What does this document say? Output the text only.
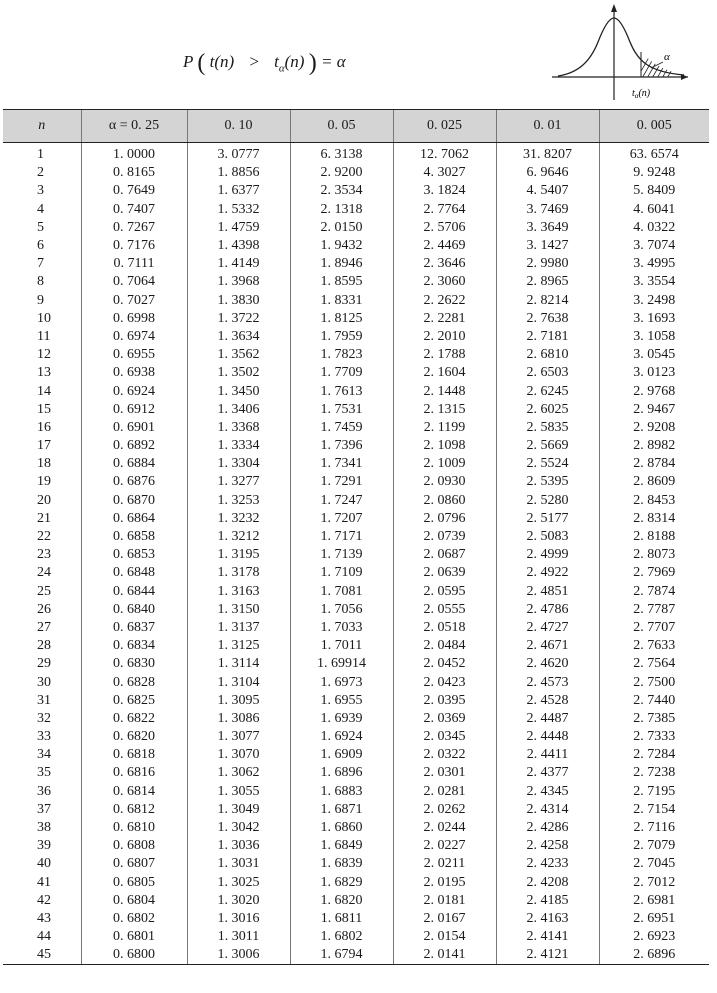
P ( $t(n) > t_\alpha(n)$ ) = α	α
$t_\alpha(n)$
n	α = 0. 25	0. 10	0. 05	0. 025	0. 01	0. 005
1	1. 0000	3. 0777	6. 3138	12. 7062	31. 8207	63. 6574
2	0. 8165	1. 8856	2. 9200	4. 3027	6. 9646	9. 9248
3	0. 7649	1. 6377	2. 3534	3. 1824	4. 5407	5. 8409
4	0. 7407	1. 5332	2. 1318	2. 7764	3. 7469	4. 6041
5	0. 7267	1. 4759	2. 0150	2. 5706	3. 3649	4. 0322
6	0. 7176	1. 4398	1. 9432	2. 4469	3. 1427	3. 7074
7	0. 7111	1. 4149	1. 8946	2. 3646	2. 9980	3. 4995
8	0. 7064	1. 3968	1. 8595	2. 3060	2. 8965	3. 3554
9	0. 7027	1. 3830	1. 8331	2. 2622	2. 8214	3. 2498
10	0. 6998	1. 3722	1. 8125	2. 2281	2. 7638	3. 1693
11	0. 6974	1. 3634	1. 7959	2. 2010	2. 7181	3. 1058
12	0. 6955	1. 3562	1. 7823	2. 1788	2. 6810	3. 0545
13	0. 6938	1. 3502	1. 7709	2. 1604	2. 6503	3. 0123
14	0. 6924	1. 3450	1. 7613	2. 1448	2. 6245	2. 9768
15	0. 6912	1. 3406	1. 7531	2. 1315	2. 6025	2. 9467
16	0. 6901	1. 3368	1. 7459	2. 1199	2. 5835	2. 9208
17	0. 6892	1. 3334	1. 7396	2. 1098	2. 5669	2. 8982
18	0. 6884	1. 3304	1. 7341	2. 1009	2. 5524	2. 8784
19	0. 6876	1. 3277	1. 7291	2. 0930	2. 5395	2. 8609
20	0. 6870	1. 3253	1. 7247	2. 0860	2. 5280	2. 8453
21	0. 6864	1. 3232	1. 7207	2. 0796	2. 5177	2. 8314
22	0. 6858	1. 3212	1. 7171	2. 0739	2. 5083	2. 8188
23	0. 6853	1. 3195	1. 7139	2. 0687	2. 4999	2. 8073
24	0. 6848	1. 3178	1. 7109	2. 0639	2. 4922	2. 7969
25	0. 6844	1. 3163	1. 7081	2. 0595	2. 4851	2. 7874
26	0. 6840	1. 3150	1. 7056	2. 0555	2. 4786	2. 7787
27	0. 6837	1. 3137	1. 7033	2. 0518	2. 4727	2. 7707
28	0. 6834	1. 3125	1. 7011	2. 0484	2. 4671	2. 7633
29	0. 6830	1. 3114	1. 69914	2. 0452	2. 4620	2. 7564
30	0. 6828	1. 3104	1. 6973	2. 0423	2. 4573	2. 7500
31	0. 6825	1. 3095	1. 6955	2. 0395	2. 4528	2. 7440
32	0. 6822	1. 3086	1. 6939	2. 0369	2. 4487	2. 7385
33	0. 6820	1. 3077	1. 6924	2. 0345	2. 4448	2. 7333
34	0. 6818	1. 3070	1. 6909	2. 0322	2. 4411	2. 7284
35	0. 6816	1. 3062	1. 6896	2. 0301	2. 4377	2. 7238
36	0. 6814	1. 3055	1. 6883	2. 0281	2. 4345	2. 7195
37	0. 6812	1. 3049	1. 6871	2. 0262	2. 4314	2. 7154
38	0. 6810	1. 3042	1. 6860	2. 0244	2. 4286	2. 7116
39	0. 6808	1. 3036	1. 6849	2. 0227	2. 4258	2. 7079
40	0. 6807	1. 3031	1. 6839	2. 0211	2. 4233	2. 7045
41	0. 6805	1. 3025	1. 6829	2. 0195	2. 4208	2. 7012
42	0. 6804	1. 3020	1. 6820	2. 0181	2. 4185	2. 6981
43	0. 6802	1. 3016	1. 6811	2. 0167	2. 4163	2. 6951
44	0. 6801	1. 3011	1. 6802	2. 0154	2. 4141	2. 6923
45	0. 6800	1. 3006	1. 6794	2. 0141	2. 4121	2. 6896
